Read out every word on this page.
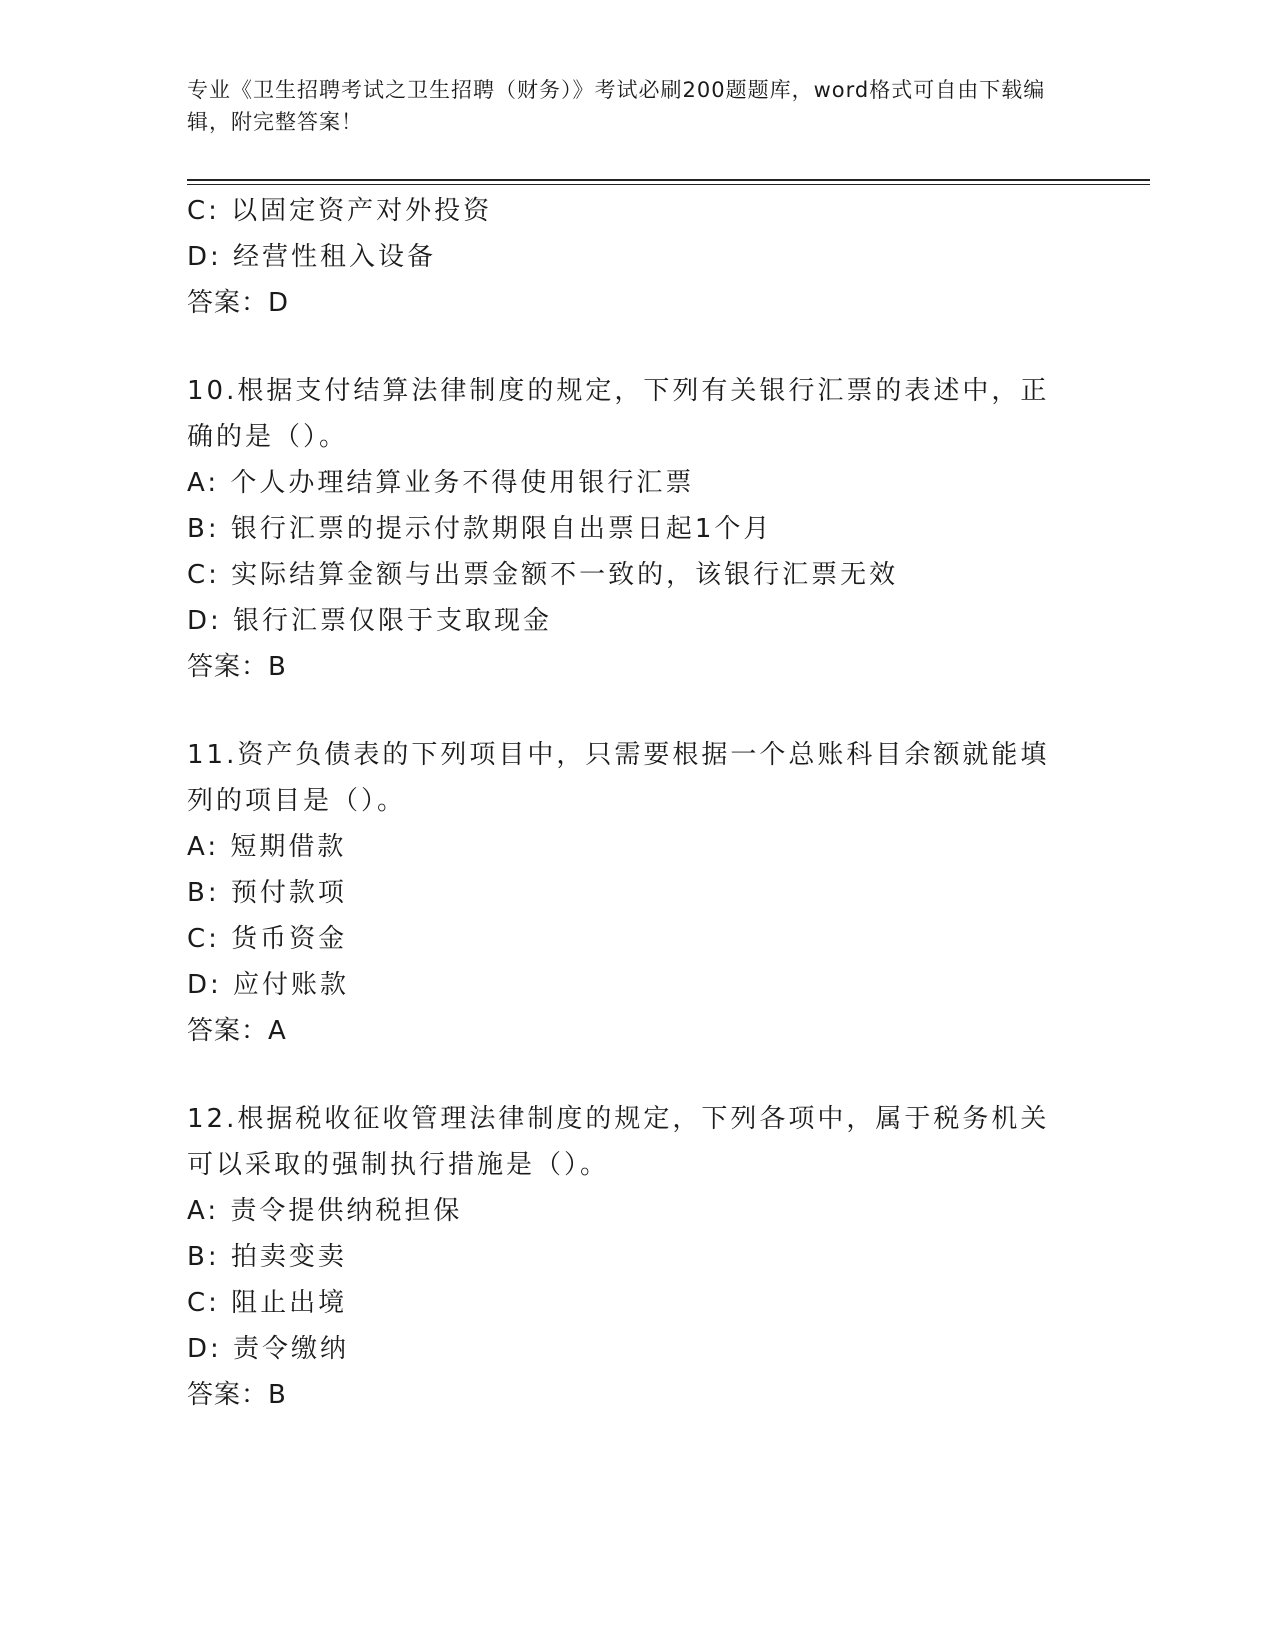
专业《卫生招聘考试之卫生招聘（财务）》考试必刷200题题库，word格式可自由下载编辑，附完整答案！
C: 以固定资产对外投资
D: 经营性租入设备
答案：D
10.根据支付结算法律制度的规定，下列有关银行汇票的表述中，正确的是（）。
A: 个人办理结算业务不得使用银行汇票
B: 银行汇票的提示付款期限自出票日起1个月
C: 实际结算金额与出票金额不一致的，该银行汇票无效
D: 银行汇票仅限于支取现金
答案：B
11.资产负债表的下列项目中，只需要根据一个总账科目余额就能填列的项目是（）。
A: 短期借款
B: 预付款项
C: 货币资金
D: 应付账款
答案：A
12.根据税收征收管理法律制度的规定，下列各项中，属于税务机关可以采取的强制执行措施是（）。
A: 责令提供纳税担保
B: 拍卖变卖
C: 阻止出境
D: 责令缴纳
答案：B
